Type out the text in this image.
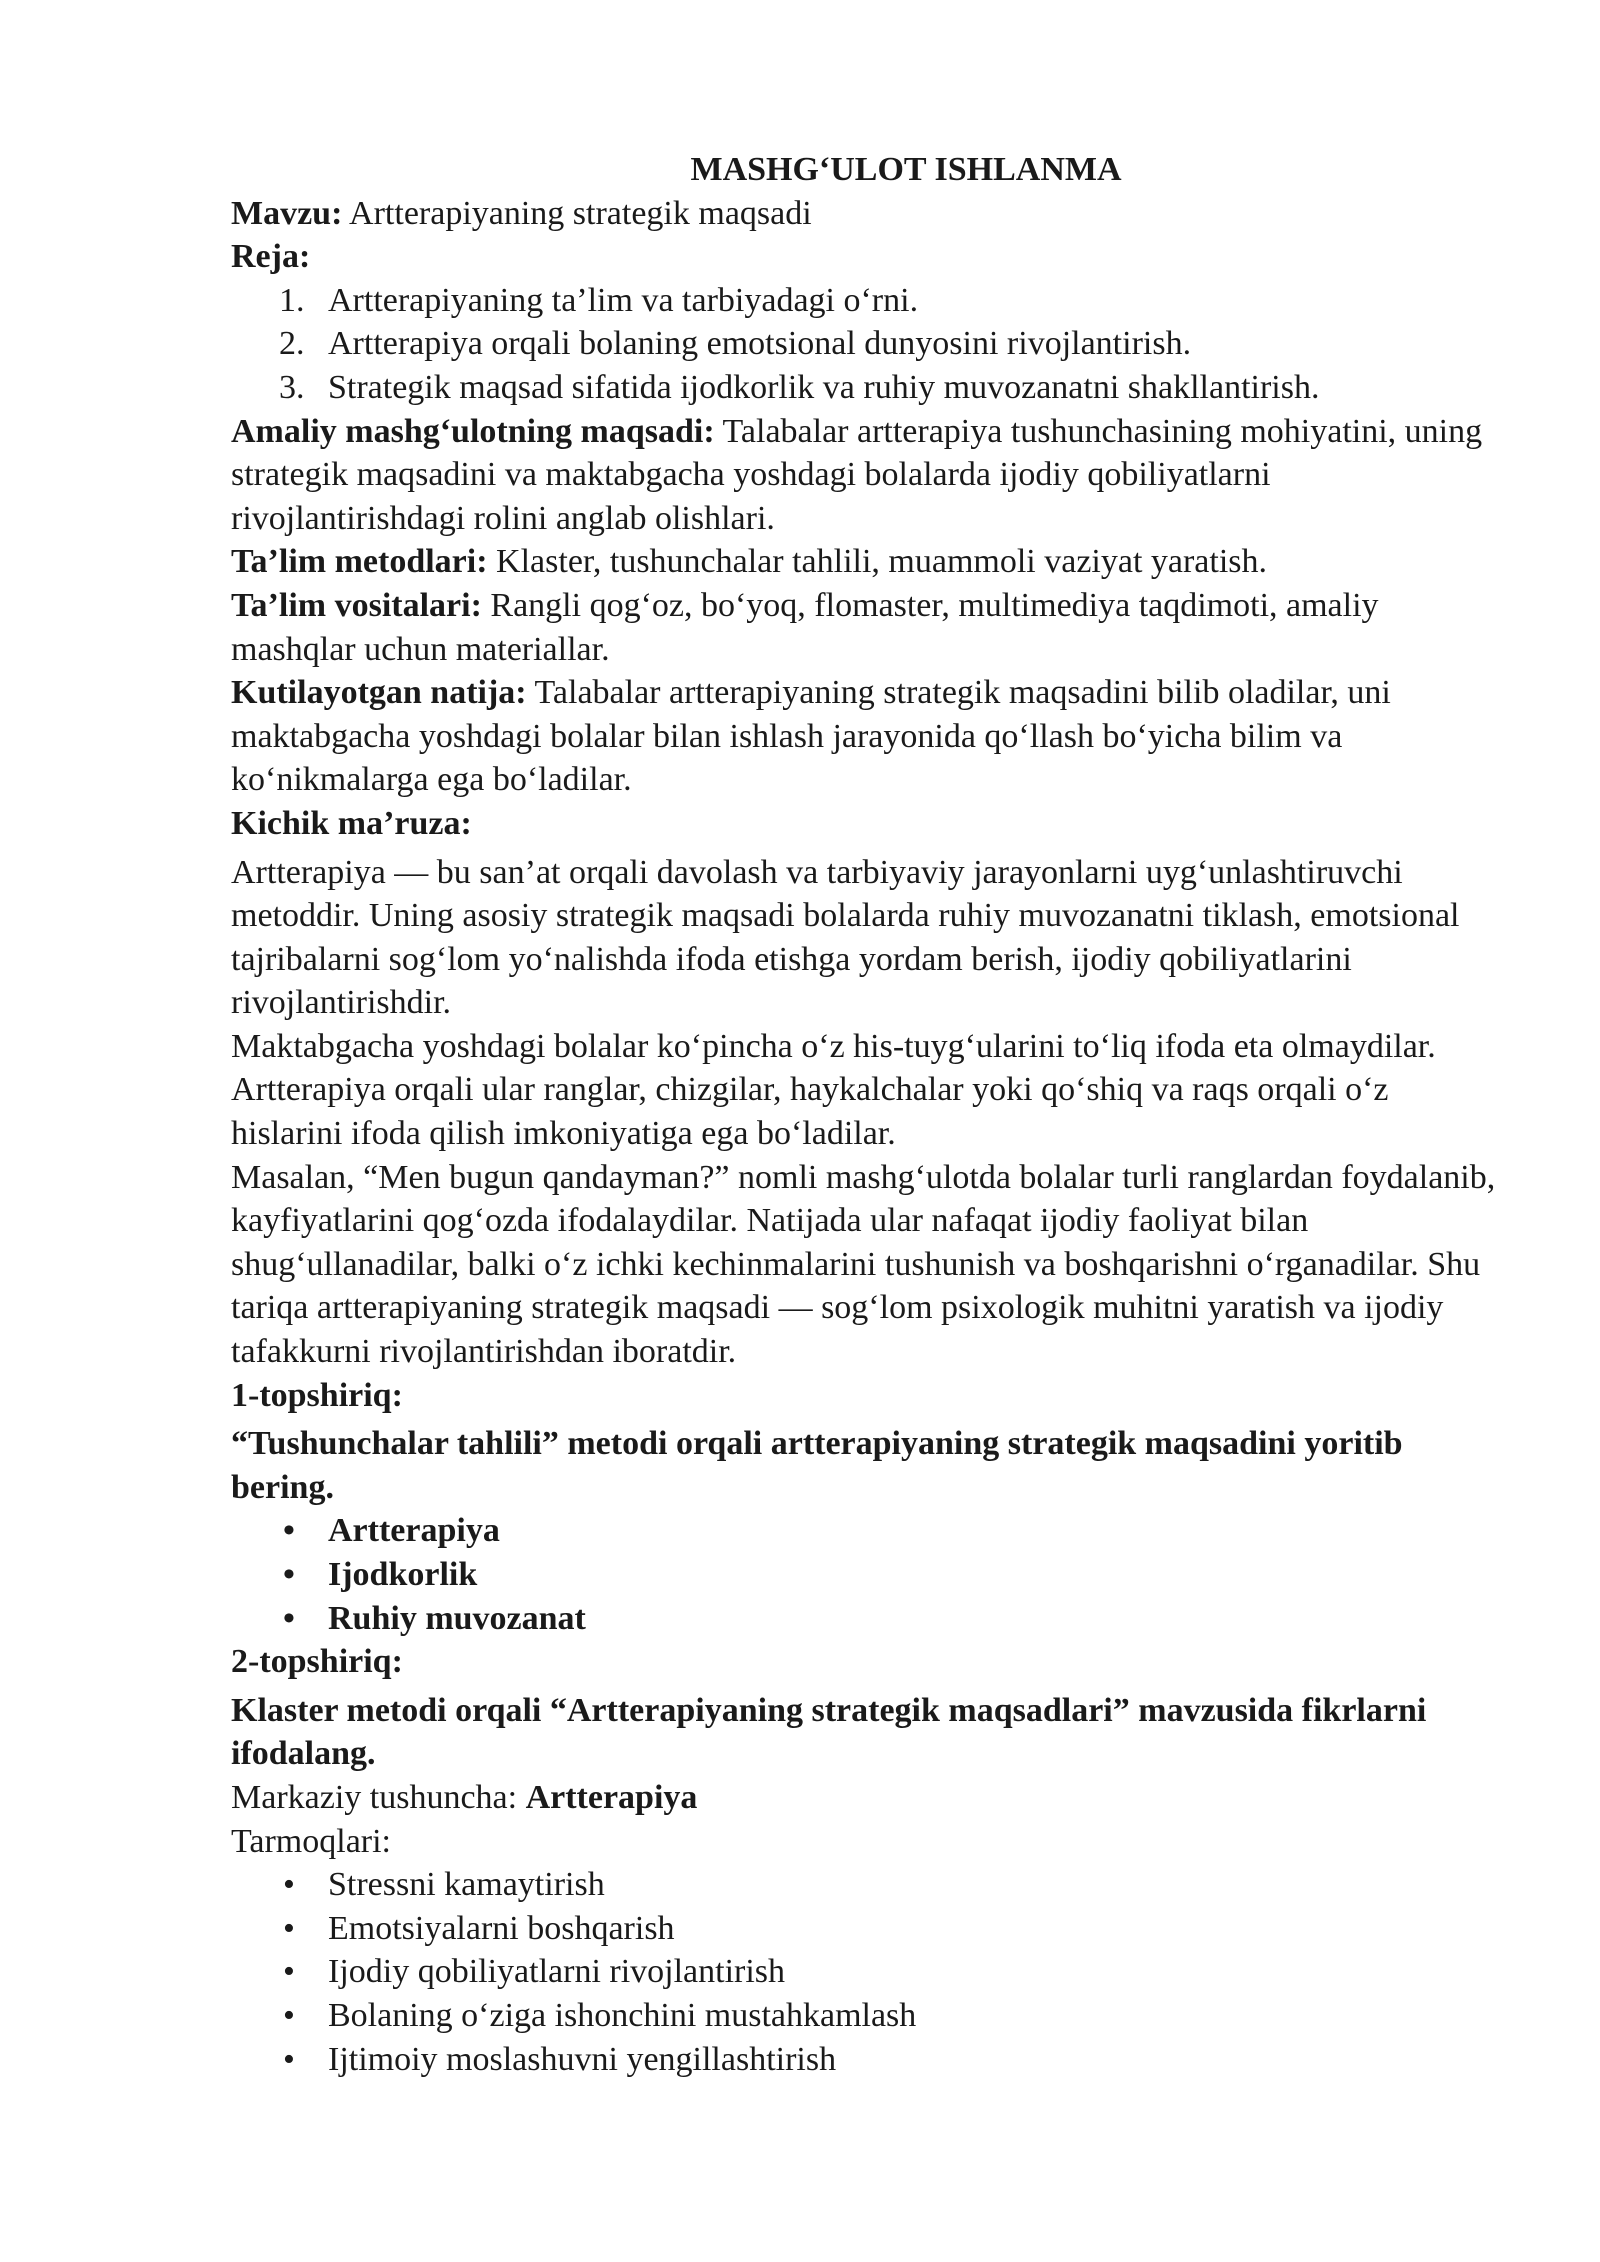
MASHG‘ULOT ISHLANMA

Mavzu: Artterapiyaning strategik maqsadi

Reja:

1. Artterapiyaning ta’lim va tarbiyadagi o‘rni.
2. Artterapiya orqali bolaning emotsional dunyosini rivojlantirish.
3. Strategik maqsad sifatida ijodkorlik va ruhiy muvozanatni shakllantirish.

Amaliy mashg‘ulotning maqsadi: Talabalar artterapiya tushunchasining mohiyatini, uning strategik maqsadini va maktabgacha yoshdagi bolalarda ijodiy qobiliyatlarni rivojlantirishdagi rolini anglab olishlari.

Ta’lim metodlari: Klaster, tushunchalar tahlili, muammoli vaziyat yaratish.

Ta’lim vositalari: Rangli qog‘oz, bo‘yoq, flomaster, multimediya taqdimoti, amaliy mashqlar uchun materiallar.

Kutilayotgan natija: Talabalar artterapiyaning strategik maqsadini bilib oladilar, uni maktabgacha yoshdagi bolalar bilan ishlash jarayonida qo‘llash bo‘yicha bilim va ko‘nikmalarga ega bo‘ladilar.

Kichik ma’ruza:

Artterapiya — bu san’at orqali davolash va tarbiyaviy jarayonlarni uyg‘unlashtiruvchi metoddir. Uning asosiy strategik maqsadi bolalarda ruhiy muvozanatni tiklash, emotsional tajribalarni sog‘lom yo‘nalishda ifoda etishga yordam berish, ijodiy qobiliyatlarini rivojlantirishdir.

Maktabgacha yoshdagi bolalar ko‘pincha o‘z his-tuyg‘ularini to‘liq ifoda eta olmaydilar. Artterapiya orqali ular ranglar, chizgilar, haykalchalar yoki qo‘shiq va raqs orqali o‘z hislarini ifoda qilish imkoniyatiga ega bo‘ladilar.

Masalan, “Men bugun qandayman?” nomli mashg‘ulotda bolalar turli ranglardan foydalanib, kayfiyatlarini qog‘ozda ifodalaydilar. Natijada ular nafaqat ijodiy faoliyat bilan shug‘ullanadilar, balki o‘z ichki kechinmalarini tushunish va boshqarishni o‘rganadilar. Shu tariqa artterapiyaning strategik maqsadi — sog‘lom psixologik muhitni yaratish va ijodiy tafakkurni rivojlantirishdan iboratdir.

1-topshiriq:

“Tushunchalar tahlili” metodi orqali artterapiyaning strategik maqsadini yoritib bering.

• Artterapiya
• Ijodkorlik
• Ruhiy muvozanat

2-topshiriq:

Klaster metodi orqali “Artterapiyaning strategik maqsadlari” mavzusida fikrlarni ifodalang.

Markaziy tushuncha: Artterapiya

Tarmoqlari:

• Stressni kamaytirish
• Emotsiyalarni boshqarish
• Ijodiy qobiliyatlarni rivojlantirish
• Bolaning o‘ziga ishonchini mustahkamlash
• Ijtimoiy moslashuvni yengillashtirish
